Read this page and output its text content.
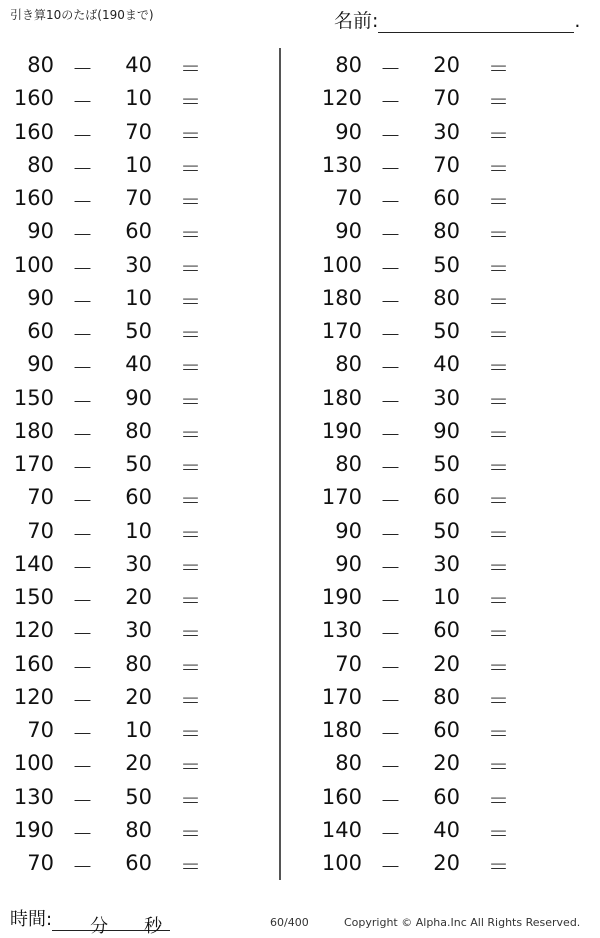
引き算10のたば(190まで)	名前:	.
80 －	40 ＝
160 －	10 ＝
160 －	70 ＝
80 －	10 ＝
160 －	70 ＝
90 －	60 ＝
100 －	30 ＝
90 －	10 ＝
60 －	50 ＝
90 －	40 ＝
150 －	90 ＝
180 －	80 ＝
170 －	50 ＝
70 －	60 ＝
70 －	10 ＝
140 －	30 ＝
150 －	20 ＝
120 －	30 ＝
160 －	80 ＝
120 －	20 ＝
70 －	10 ＝
100 －	20 ＝
130 －	50 ＝
190 －	80 ＝
70 －	60 ＝
80 －	20 ＝
120 －	70 ＝
90 －	30 ＝
130 －	70 ＝
70 －	60 ＝
90 －	80 ＝
100 －	50 ＝
180 －	80 ＝
170 －	50 ＝
80 －	40 ＝
180 －	30 ＝
190 －	90 ＝
80 －	50 ＝
170 －	60 ＝
90 －	50 ＝
90 －	30 ＝
190 －	10 ＝
130 －	60 ＝
70 －	20 ＝
170 －	80 ＝
180 －	60 ＝
80 －	20 ＝
160 －	60 ＝
140 －	40 ＝
100 －	20 ＝
時間: 分 秒	60/400	Copyright © Alpha.Inc All Rights Reserved.
